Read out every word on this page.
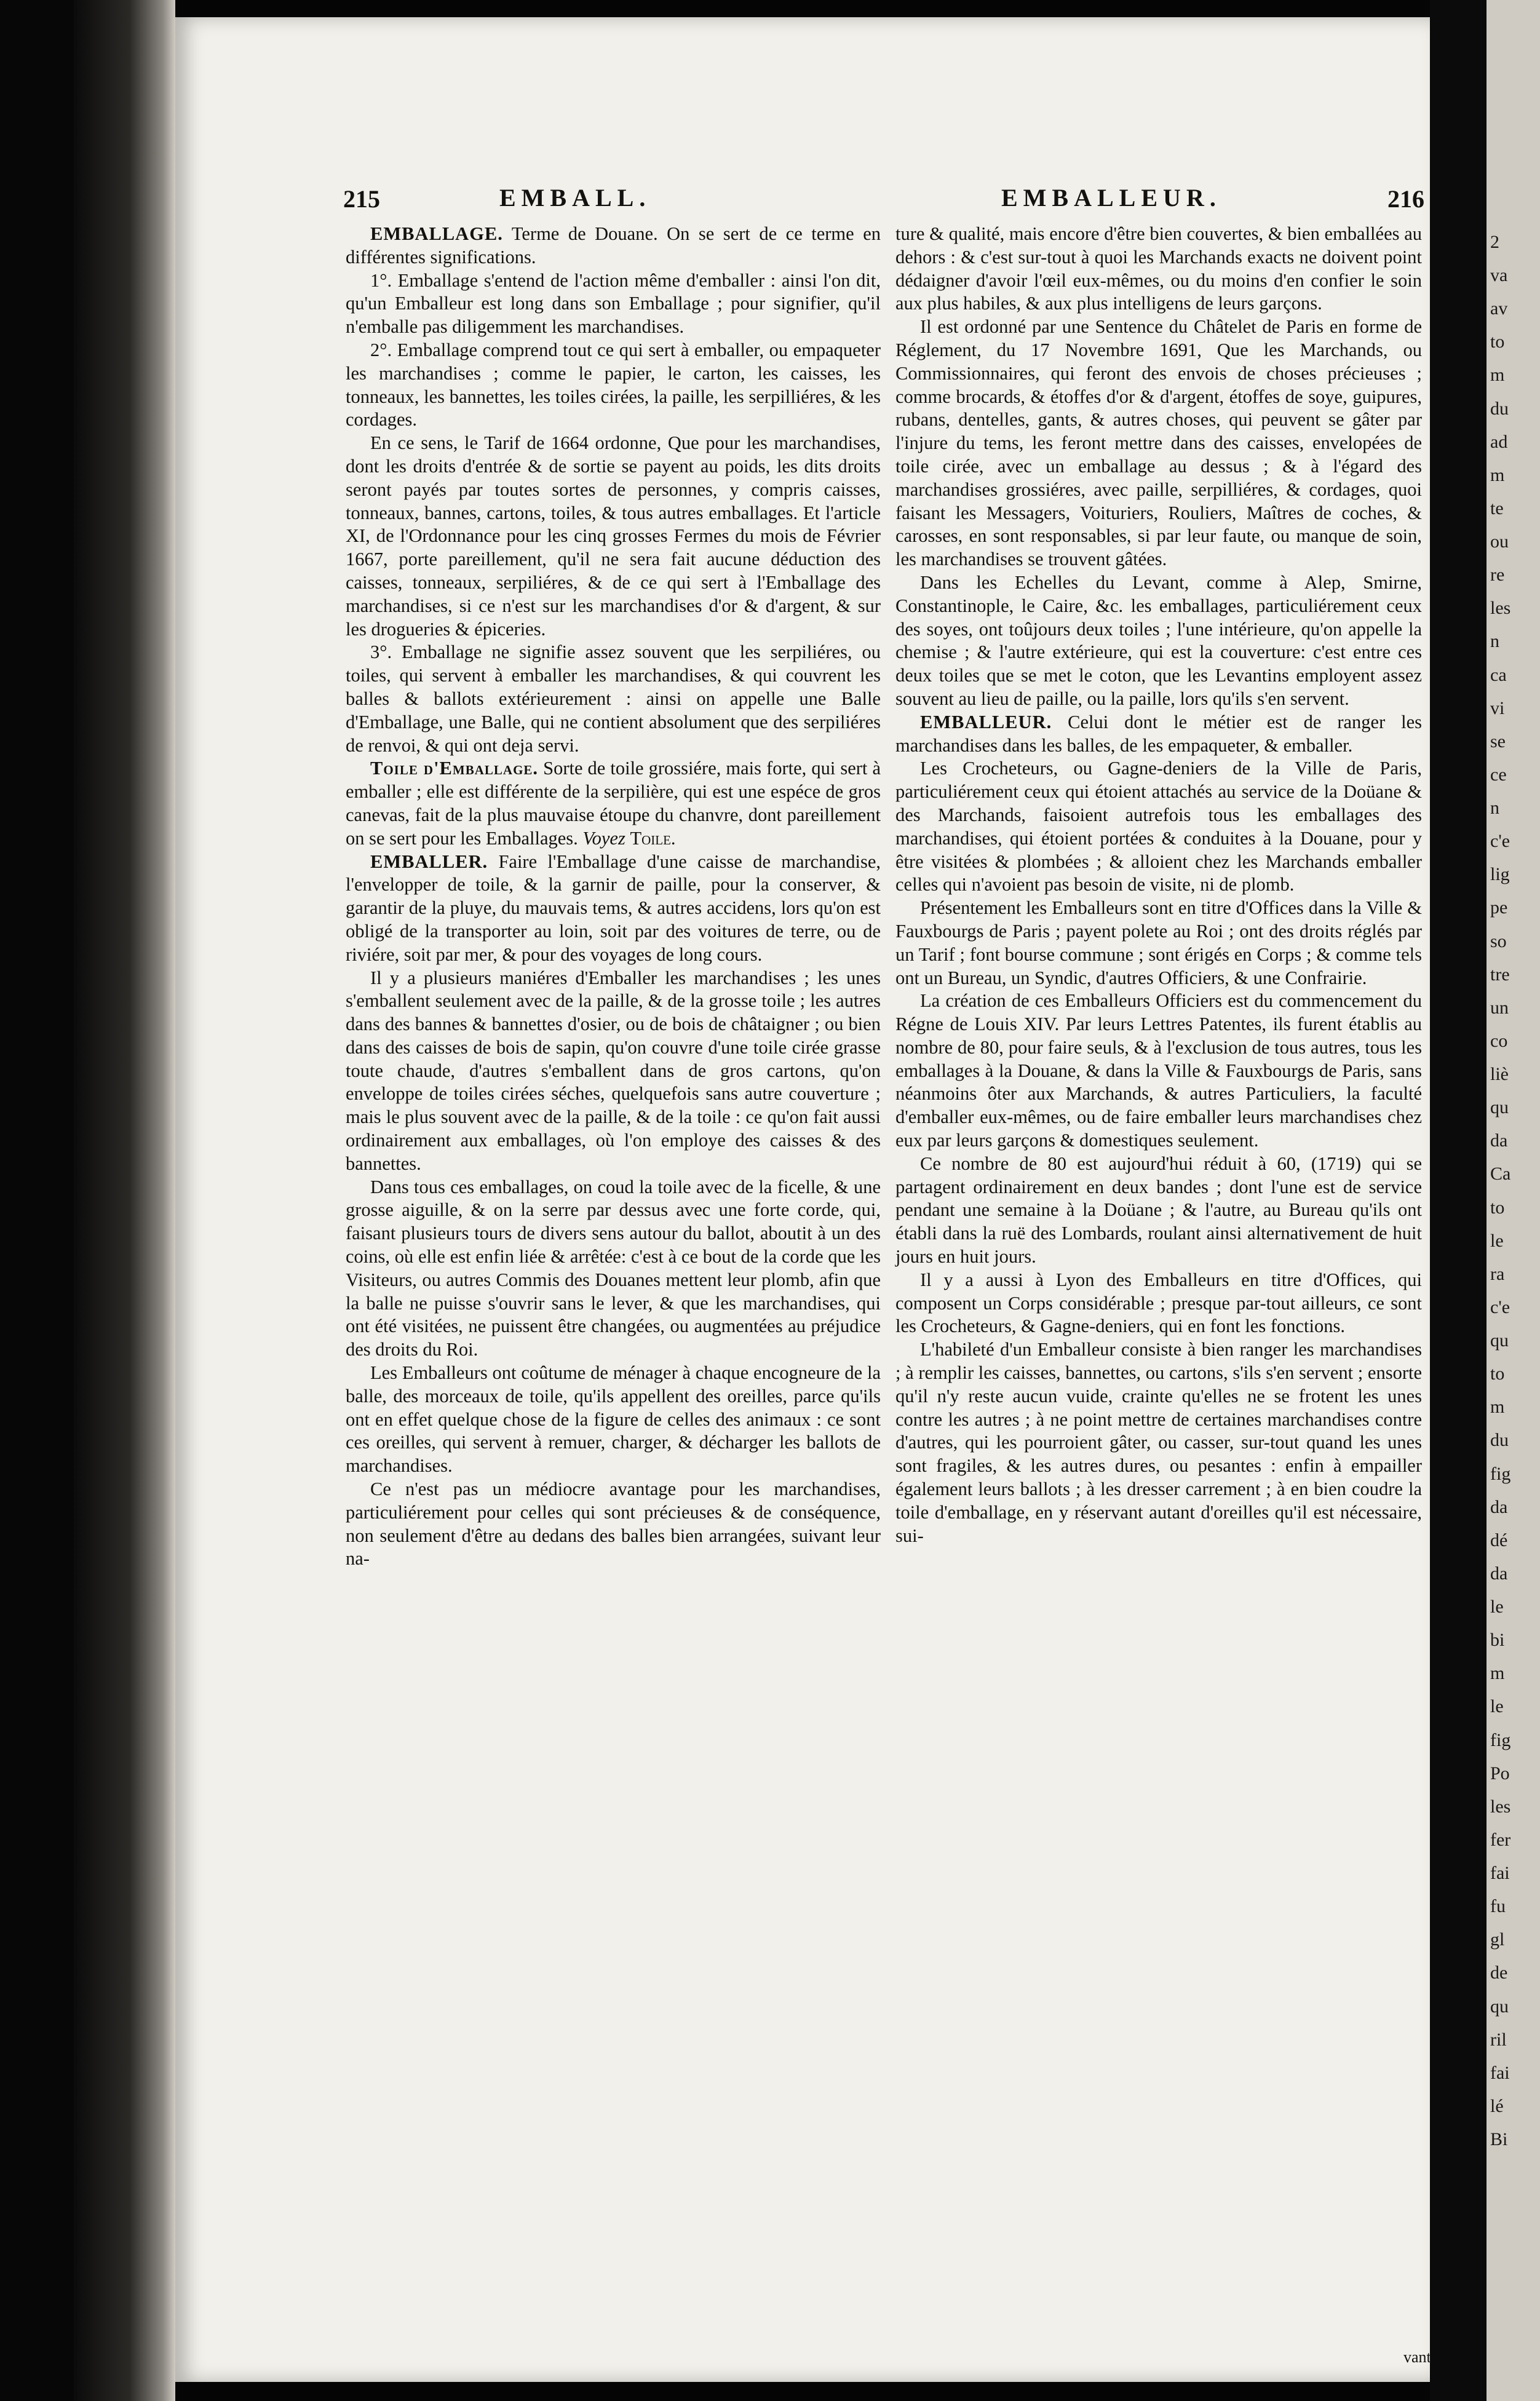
2
va
av
to
m
du
ad
m
te
ou
re
les
n
ca
vi
se
ce
n
c'e
lig
pe
so
tre
un
co
liè
qu
da
Ca
to
le
ra
c'e
qu
to
m
du
fig
da
dé
da
le
bi
m
le
fig
Po
les
fer
fai
fu
gl
de
qu
ril
fai
lé
Bi
215	EMBALL.	EMBALLEUR.	216

EMBALLAGE. Terme de Douane. On se sert de ce terme en différentes significations.

1°. Emballage s'entend de l'action même d'emballer : ainsi l'on dit, qu'un Emballeur est long dans son Emballage ; pour signifier, qu'il n'emballe pas diligemment les marchandises.

2°. Emballage comprend tout ce qui sert à emballer, ou empaqueter les marchandises ; comme le papier, le carton, les caisses, les tonneaux, les bannettes, les toiles cirées, la paille, les serpilliéres, & les cordages.

En ce sens, le Tarif de 1664 ordonne, Que pour les marchandises, dont les droits d'entrée & de sortie se payent au poids, les dits droits seront payés par toutes sortes de personnes, y compris caisses, tonneaux, bannes, cartons, toiles, & tous autres emballages. Et l'article XI, de l'Ordonnance pour les cinq grosses Fermes du mois de Février 1667, porte pareillement, qu'il ne sera fait aucune déduction des caisses, tonneaux, serpiliéres, & de ce qui sert à l'Emballage des marchandises, si ce n'est sur les marchandises d'or & d'argent, & sur les drogueries & épiceries.

3°. Emballage ne signifie assez souvent que les serpiliéres, ou toiles, qui servent à emballer les marchandises, & qui couvrent les balles & ballots extérieurement : ainsi on appelle une Balle d'Emballage, une Balle, qui ne contient absolument que des serpiliéres de renvoi, & qui ont deja servi.

Toile d'Emballage. Sorte de toile grossiére, mais forte, qui sert à emballer ; elle est différente de la serpilière, qui est une espéce de gros canevas, fait de la plus mauvaise étoupe du chanvre, dont pareillement on se sert pour les Emballages. Voyez Toile.

EMBALLER. Faire l'Emballage d'une caisse de marchandise, l'envelopper de toile, & la garnir de paille, pour la conserver, & garantir de la pluye, du mauvais tems, & autres accidens, lors qu'on est obligé de la transporter au loin, soit par des voitures de terre, ou de riviére, soit par mer, & pour des voyages de long cours.

Il y a plusieurs maniéres d'Emballer les marchandises ; les unes s'emballent seulement avec de la paille, & de la grosse toile ; les autres dans des bannes & bannettes d'osier, ou de bois de châtaigner ; ou bien dans des caisses de bois de sapin, qu'on couvre d'une toile cirée grasse toute chaude, d'autres s'emballent dans de gros cartons, qu'on enveloppe de toiles cirées séches, quelquefois sans autre couverture ; mais le plus souvent avec de la paille, & de la toile : ce qu'on fait aussi ordinairement aux emballages, où l'on employe des caisses & des bannettes.

Dans tous ces emballages, on coud la toile avec de la ficelle, & une grosse aiguille, & on la serre par dessus avec une forte corde, qui, faisant plusieurs tours de divers sens autour du ballot, aboutit à un des coins, où elle est enfin liée & arrêtée: c'est à ce bout de la corde que les Visiteurs, ou autres Commis des Douanes mettent leur plomb, afin que la balle ne puisse s'ouvrir sans le lever, & que les marchandises, qui ont été visitées, ne puissent être changées, ou augmentées au préjudice des droits du Roi.

Les Emballeurs ont coûtume de ménager à chaque encogneure de la balle, des morceaux de toile, qu'ils appellent des oreilles, parce qu'ils ont en effet quelque chose de la figure de celles des animaux : ce sont ces oreilles, qui servent à remuer, charger, & décharger les ballots de marchandises.

Ce n'est pas un médiocre avantage pour les marchandises, particuliérement pour celles qui sont précieuses & de conséquence, non seulement d'être au dedans des balles bien arrangées, suivant leur na-

ture & qualité, mais encore d'être bien couvertes, & bien emballées au dehors : & c'est sur-tout à quoi les Marchands exacts ne doivent point dédaigner d'avoir l'œil eux-mêmes, ou du moins d'en confier le soin aux plus habiles, & aux plus intelligens de leurs garçons.

Il est ordonné par une Sentence du Châtelet de Paris en forme de Réglement, du 17 Novembre 1691, Que les Marchands, ou Commissionnaires, qui feront des envois de choses précieuses ; comme brocards, & étoffes d'or & d'argent, étoffes de soye, guipures, rubans, dentelles, gants, & autres choses, qui peuvent se gâter par l'injure du tems, les feront mettre dans des caisses, envelopées de toile cirée, avec un emballage au dessus ; & à l'égard des marchandises grossiéres, avec paille, serpilliéres, & cordages, quoi faisant les Messagers, Voituriers, Rouliers, Maîtres de coches, & carosses, en sont responsables, si par leur faute, ou manque de soin, les marchandises se trouvent gâtées.

Dans les Echelles du Levant, comme à Alep, Smirne, Constantinople, le Caire, &c. les emballages, particuliérement ceux des soyes, ont toûjours deux toiles ; l'une intérieure, qu'on appelle la chemise ; & l'autre extérieure, qui est la couverture: c'est entre ces deux toiles que se met le coton, que les Levantins employent assez souvent au lieu de paille, ou la paille, lors qu'ils s'en servent.

EMBALLEUR. Celui dont le métier est de ranger les marchandises dans les balles, de les empaqueter, & emballer.

Les Crocheteurs, ou Gagne-deniers de la Ville de Paris, particuliérement ceux qui étoient attachés au service de la Doüane & des Marchands, faisoient autrefois tous les emballages des marchandises, qui étoient portées & conduites à la Douane, pour y être visitées & plombées ; & alloient chez les Marchands emballer celles qui n'avoient pas besoin de visite, ni de plomb.

Présentement les Emballeurs sont en titre d'Offices dans la Ville & Fauxbourgs de Paris ; payent polete au Roi ; ont des droits réglés par un Tarif ; font bourse commune ; sont érigés en Corps ; & comme tels ont un Bureau, un Syndic, d'autres Officiers, & une Confrairie.

La création de ces Emballeurs Officiers est du commencement du Régne de Louis XIV. Par leurs Lettres Patentes, ils furent établis au nombre de 80, pour faire seuls, & à l'exclusion de tous autres, tous les emballages à la Douane, & dans la Ville & Fauxbourgs de Paris, sans néanmoins ôter aux Marchands, & autres Particuliers, la faculté d'emballer eux-mêmes, ou de faire emballer leurs marchandises chez eux par leurs garçons & domestiques seulement.

Ce nombre de 80 est aujourd'hui réduit à 60, (1719) qui se partagent ordinairement en deux bandes ; dont l'une est de service pendant une semaine à la Doüane ; & l'autre, au Bureau qu'ils ont établi dans la ruë des Lombards, roulant ainsi alternativement de huit jours en huit jours.

Il y a aussi à Lyon des Emballeurs en titre d'Offices, qui composent un Corps considérable ; presque par-tout ailleurs, ce sont les Crocheteurs, & Gagne-deniers, qui en font les fonctions.

L'habileté d'un Emballeur consiste à bien ranger les marchandises ; à remplir les caisses, bannettes, ou cartons, s'ils s'en servent ; ensorte qu'il n'y reste aucun vuide, crainte qu'elles ne se frotent les unes contre les autres ; à ne point mettre de certaines marchandises contre d'autres, qui les pourroient gâter, ou casser, sur-tout quand les unes sont fragiles, & les autres dures, ou pesantes : enfin à empailler également leurs ballots ; à les dresser carrement ; à en bien coudre la toile d'emballage, en y réservant autant d'oreilles qu'il est nécessaire, sui-

vant
